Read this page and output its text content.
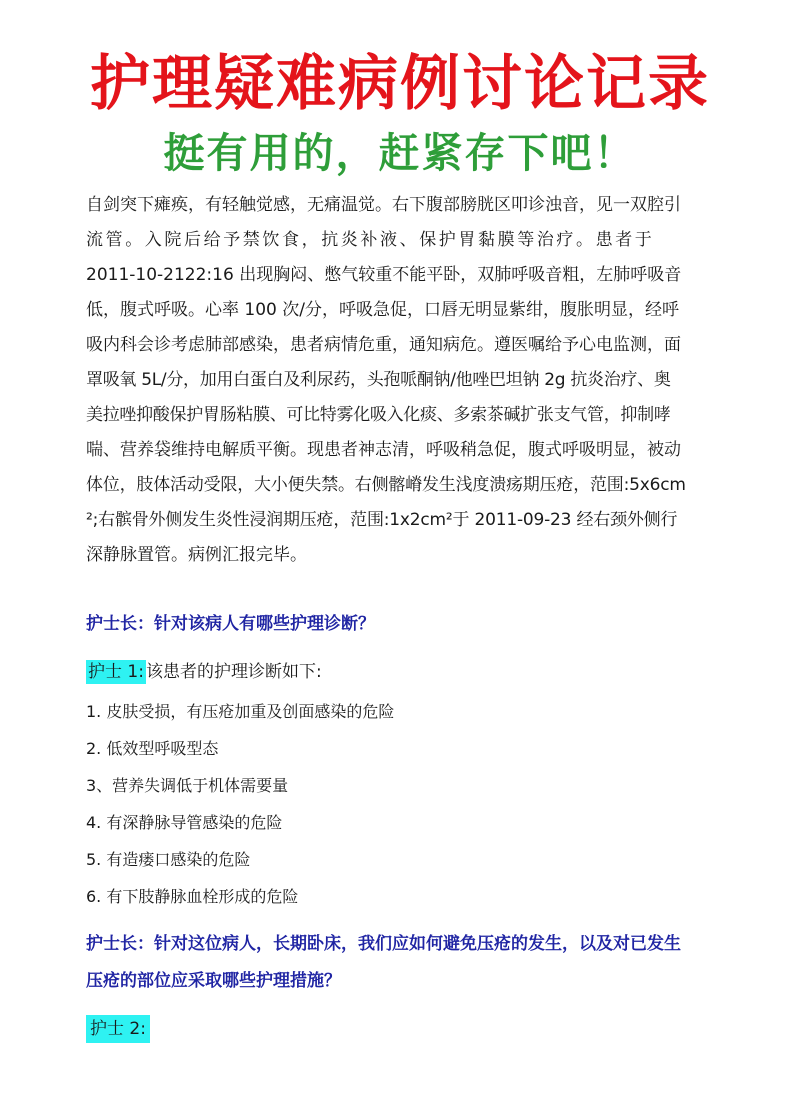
护理疑难病例讨论记录
挺有用的，赶紧存下吧！

自剑突下瘫痪，有轻触觉感，无痛温觉。右下腹部膀胱区叩诊浊音，见一双腔引
流管。入院后给予禁饮食，抗炎补液、保护胃黏膜等治疗。患者于
2011-10-2122:16 出现胸闷、憋气较重不能平卧，双肺呼吸音粗，左肺呼吸音
低，腹式呼吸。心率 100 次/分，呼吸急促，口唇无明显紫绀，腹胀明显，经呼
吸内科会诊考虑肺部感染，患者病情危重，通知病危。遵医嘱给予心电监测，面
罩吸氧 5L/分，加用白蛋白及利尿药，头孢哌酮钠/他唑巴坦钠 2g 抗炎治疗、奥
美拉唑抑酸保护胃肠粘膜、可比特雾化吸入化痰、多索茶碱扩张支气管，抑制哮
喘、营养袋维持电解质平衡。现患者神志清，呼吸稍急促，腹式呼吸明显，被动
体位，肢体活动受限，大小便失禁。右侧髂嵴发生浅度溃疡期压疮，范围:5x6cm
²;右髌骨外侧发生炎性浸润期压疮，范围:1x2cm²于 2011-09-23 经右颈外侧行
深静脉置管。病例汇报完毕。

护士长：针对该病人有哪些护理诊断？

护士 1: 该患者的护理诊断如下:
1. 皮肤受损，有压疮加重及创面感染的危险
2. 低效型呼吸型态
3、营养失调低于机体需要量
4. 有深静脉导管感染的危险
5. 有造瘘口感染的危险
6. 有下肢静脉血栓形成的危险
护士长：针对这位病人，长期卧床，我们应如何避免压疮的发生，以及对已发生
压疮的部位应采取哪些护理措施？
护士 2:
